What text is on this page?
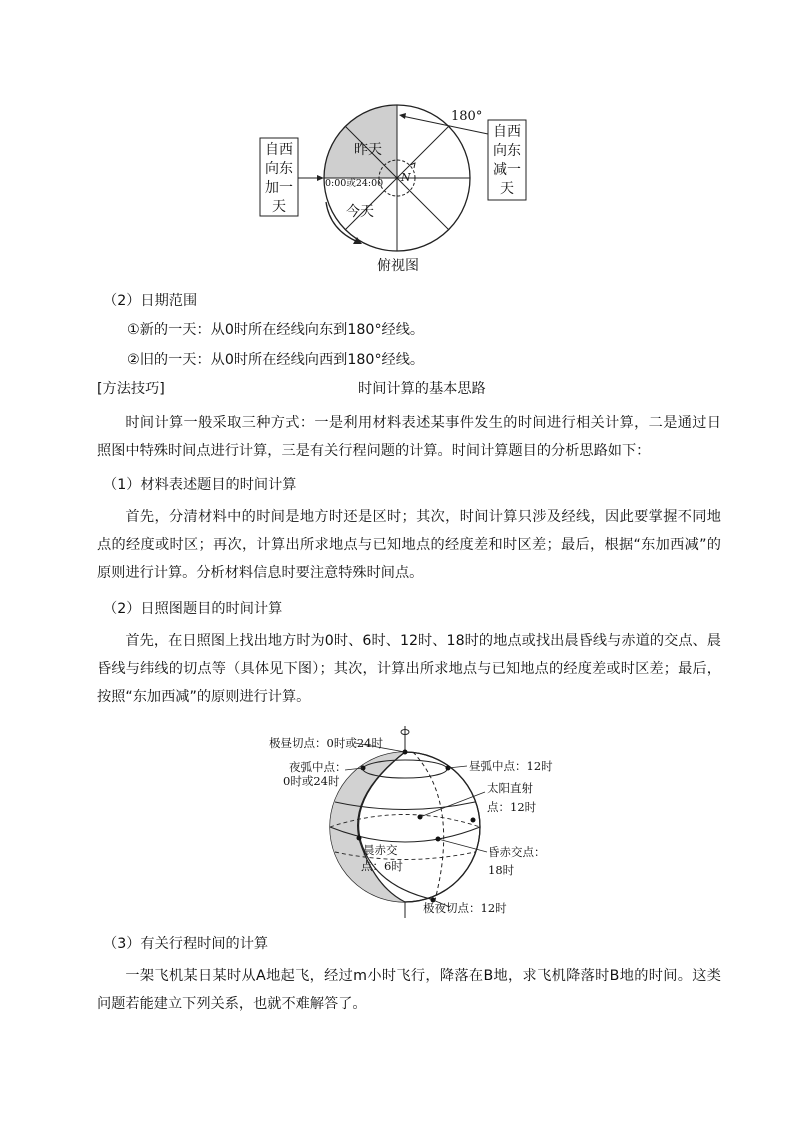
自西
向东
加一
天
自西
向东
减一
天
180°
昨天
今天
0:00或24:00 N
俯视图
（2）日期范围
①新的一天：从0时所在经线向东到180°经线。
②旧的一天：从0时所在经线向西到180°经线。
[方法技巧]	时间计算的基本思路
时间计算一般采取三种方式：一是利用材料表述某事件发生的时间进行相关计算，二是通过日照图中特殊时间点进行计算，三是有关行程问题的计算。时间计算题目的分析思路如下：
（1）材料表述题目的时间计算
首先，分清材料中的时间是地方时还是区时；其次，时间计算只涉及经线，因此要掌握不同地点的经度或时区；再次，计算出所求地点与已知地点的经度差和时区差；最后，根据“东加西减”的原则进行计算。分析材料信息时要注意特殊时间点。
（2）日照图题目的时间计算
首先，在日照图上找出地方时为0时、6时、12时、18时的地点或找出晨昏线与赤道的交点、晨昏线与纬线的切点等（具体见下图）；其次，计算出所求地点与已知地点的经度差或时区差；最后，按照“东加西减”的原则进行计算。
极昼切点：0时或24时
夜弧中点：
0时或24时
昼弧中点：12时
太阳直射
点：12时
晨赤交
点：6时
昏赤交点：
18时
极夜切点：12时
（3）有关行程时间的计算
一架飞机某日某时从A地起飞，经过m小时飞行，降落在B地，求飞机降落时B地的时间。这类问题若能建立下列关系，也就不难解答了。
